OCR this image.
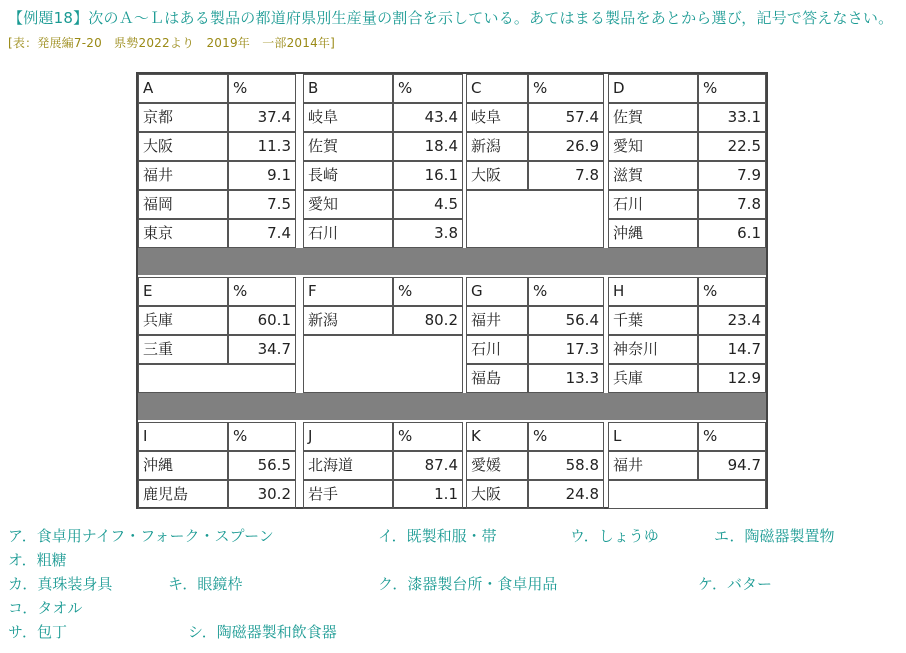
【例題18】次のＡ～Ｌはある製品の都道府県別生産量の割合を示している。あてはまる製品をあとから選び，記号で答えなさい。[表：発展編7-20　県勢2022より　2019年　一部2014年]
A	%
京都	37.4
大阪	11.3
福井	9.1
福岡	7.5
東京	7.4
B	%
岐阜	43.4
佐賀	18.4
長崎	16.1
愛知	4.5
石川	3.8
C	%
岐阜	57.4
新潟	26.9
大阪	7.8
D	%
佐賀	33.1
愛知	22.5
滋賀	7.9
石川	7.8
沖縄	6.1
E	%
兵庫	60.1
三重	34.7
F	%
新潟	80.2
G	%
福井	56.4
石川	17.3
福島	13.3
H	%
千葉	23.4
神奈川	14.7
兵庫	12.9
I	%
沖縄	56.5
鹿児島	30.2
J	%
北海道	87.4
岩手	1.1
K	%
愛媛	58.8
大阪	24.8
L	%
福井	94.7
ア．食卓用ナイフ・フォーク・スプーン	イ．既製和服・帯	ウ．しょうゆ	エ．陶磁器製置物
オ．粗糖
カ．真珠装身具	キ．眼鏡枠	ク．漆器製台所・食卓用品	ケ．バター
コ．タオル
サ．包丁	シ．陶磁器製和飲食器
